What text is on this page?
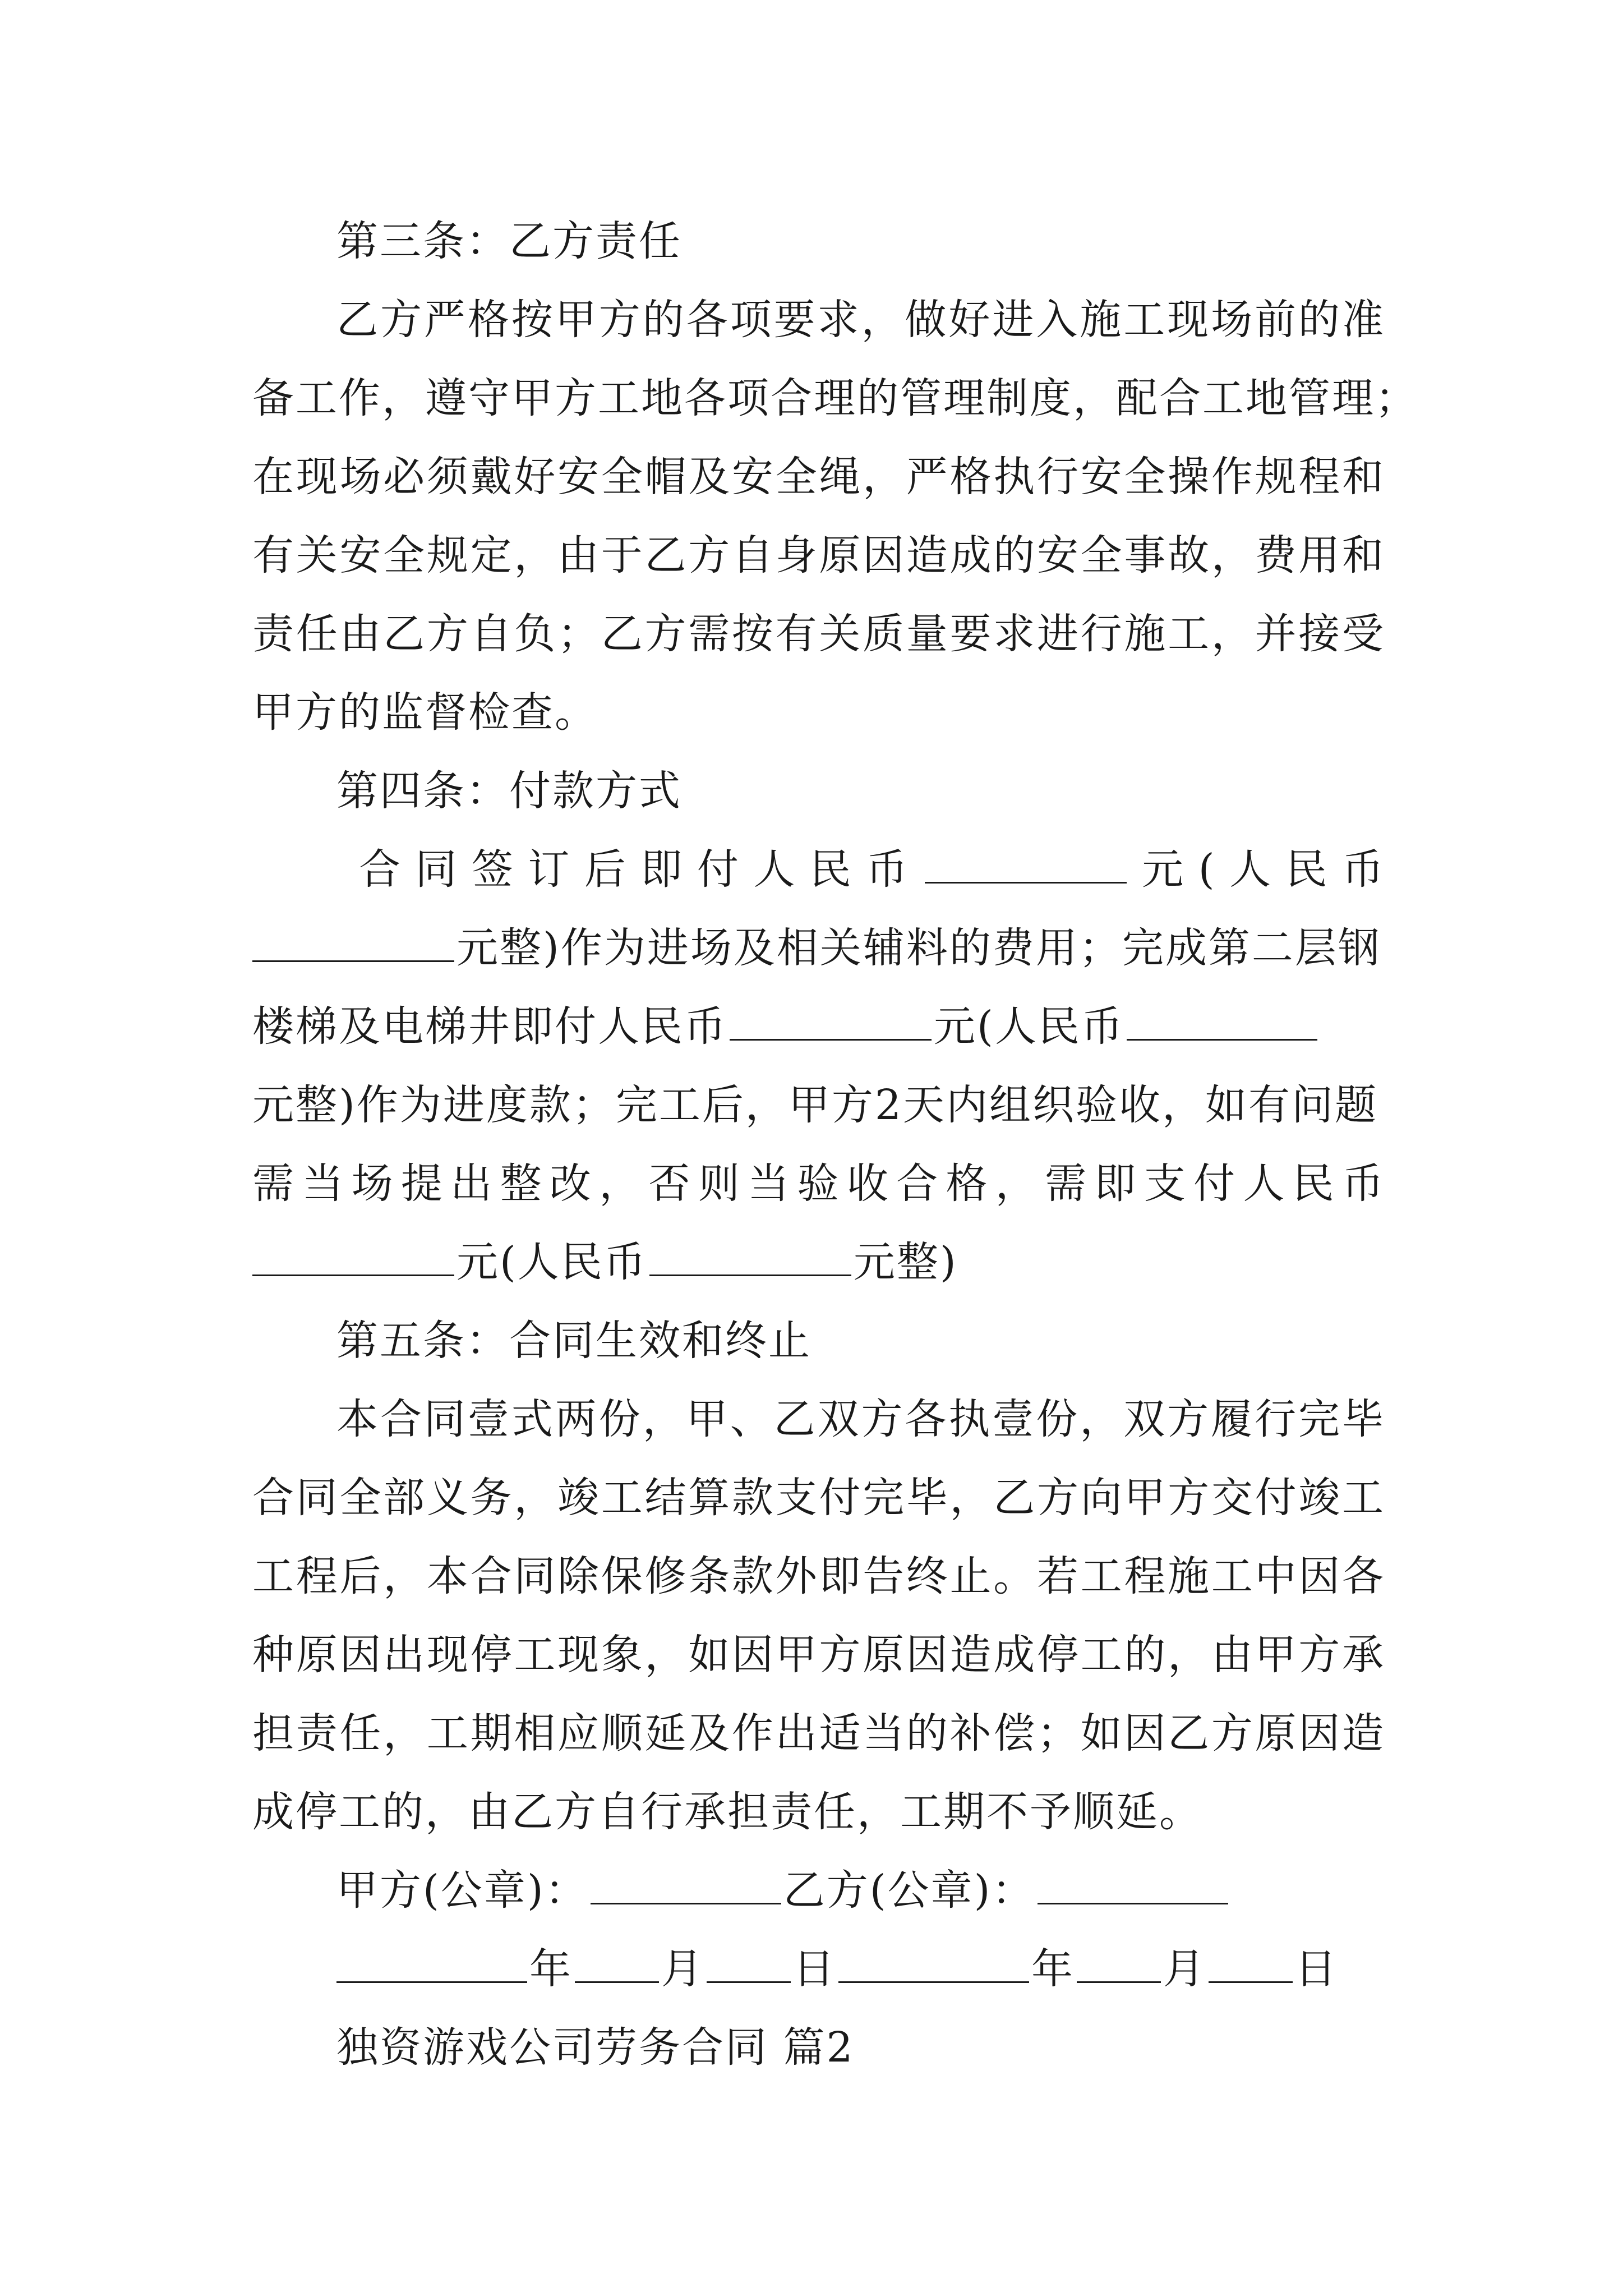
第三条：乙方责任
乙方严格按甲方的各项要求，做好进入施工现场前的准
备工作，遵守甲方工地各项合理的管理制度，配合工地管理；
在现场必须戴好安全帽及安全绳，严格执行安全操作规程和
有关安全规定，由于乙方自身原因造成的安全事故，费用和
责任由乙方自负；乙方需按有关质量要求进行施工，并接受
甲方的监督检查。
第四条：付款方式
合同签订后即付人民币	元(人民币
元整)作为进场及相关辅料的费用；完成第二层钢
楼梯及电梯井即付人民币	元(人民币
元整)作为进度款；完工后，甲方2天内组织验收，如有问题
需当场提出整改，否则当验收合格，需即支付人民币
元(人民币	元整)
第五条：合同生效和终止
本合同壹式两份，甲、乙双方各执壹份，双方履行完毕
合同全部义务，竣工结算款支付完毕，乙方向甲方交付竣工
工程后，本合同除保修条款外即告终止。若工程施工中因各
种原因出现停工现象，如因甲方原因造成停工的，由甲方承
担责任，工期相应顺延及作出适当的补偿；如因乙方原因造
成停工的，由乙方自行承担责任，工期不予顺延。
甲方(公章)：	乙方(公章)：
年 月 日	年 月 日
独资游戏公司劳务合同 篇2
